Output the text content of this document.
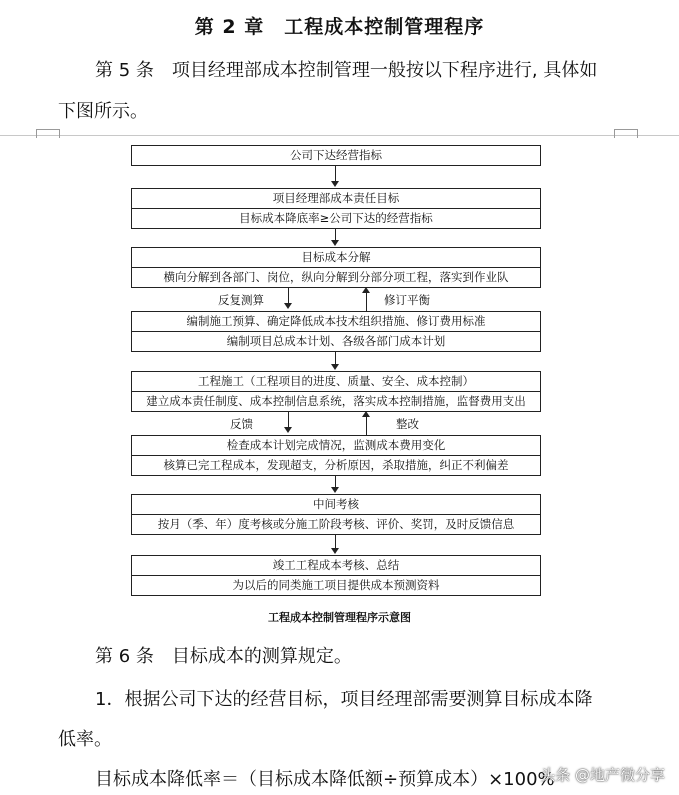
第 2 章　工程成本控制管理程序
第 5 条　项目经理部成本控制管理一般按以下程序进行, 具体如
下图所示。
公司下达经营指标
项目经理部成本责任目标
目标成本降底率≥公司下达的经营指标
目标成本分解
横向分解到各部门、岗位，纵向分解到分部分项工程，落实到作业队
编制施工预算、确定降低成本技术组织措施、修订费用标准
编制项目总成本计划、各级各部门成本计划
工程施工（工程项目的进度、质量、安全、成本控制）
建立成本责任制度、成本控制信息系统，落实成本控制措施，监督费用支出
检查成本计划完成情况，监测成本费用变化
核算已完工程成本，发现超支，分析原因，杀取措施，纠正不利偏差
中间考核
按月（季、年）度考核或分施工阶段考核、评价、奖罚，及时反馈信息
竣工工程成本考核、总结
为以后的同类施工项目提供成本预测资料
反复测算	修订平衡
反馈	整改
工程成本控制管理程序示意图
第 6 条　目标成本的测算规定。
1．根据公司下达的经营目标，项目经理部需要测算目标成本降
低率。
目标成本降低率＝（目标成本降低额÷预算成本）×100%
头条 @地产微分享
